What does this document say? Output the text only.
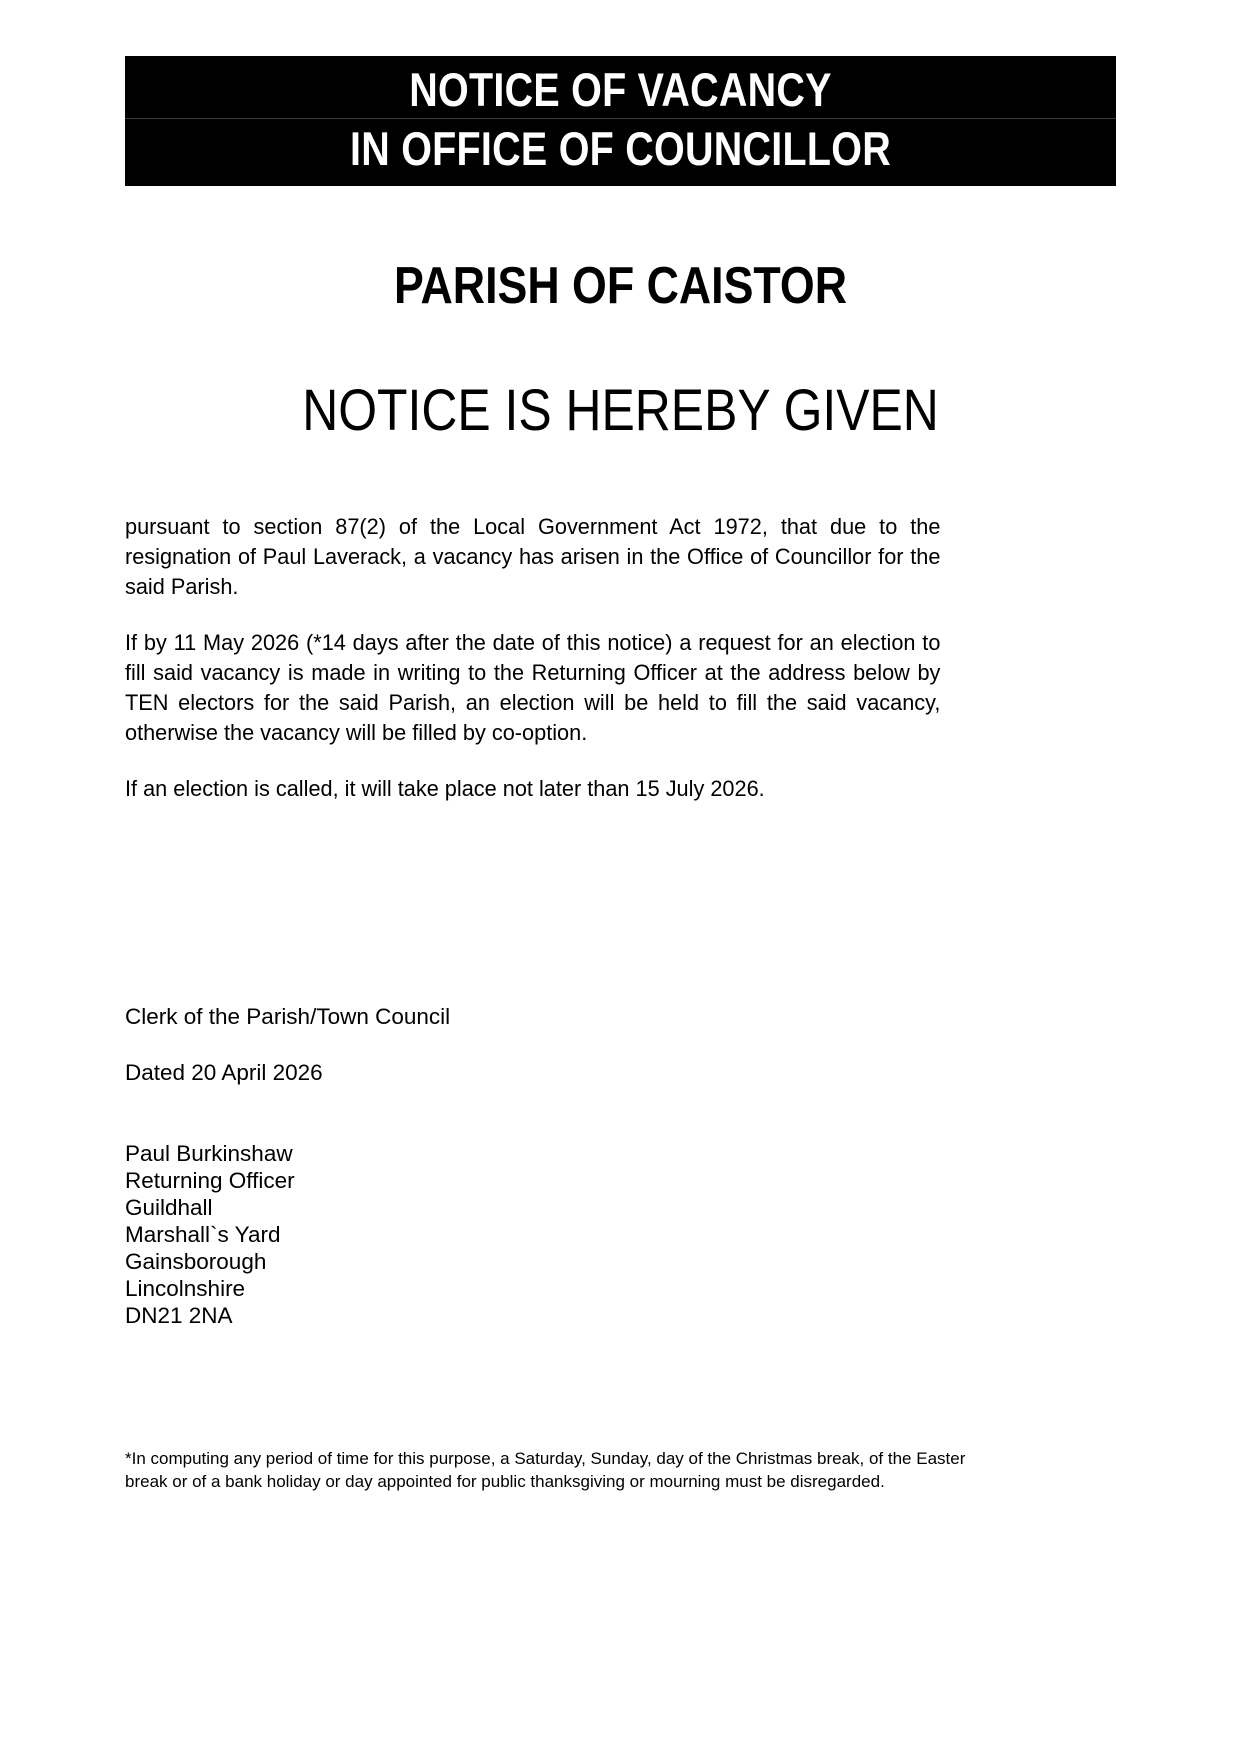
NOTICE OF VACANCY
IN OFFICE OF COUNCILLOR
PARISH OF CAISTOR
NOTICE IS HEREBY GIVEN

pursuant to section 87(2) of the Local Government Act 1972, that due to the resignation of Paul Laverack, a vacancy has arisen in the Office of Councillor for the said Parish.

If by 11 May 2026 (*14 days after the date of this notice) a request for an election to fill said vacancy is made in writing to the Returning Officer at the address below by TEN electors for the said Parish, an election will be held to fill the said vacancy, otherwise the vacancy will be filled by co-option.

If an election is called, it will take place not later than 15 July 2026.

Clerk of the Parish/Town Council

Dated 20 April 2026

Paul Burkinshaw

Returning Officer

Guildhall

Marshall`s Yard

Gainsborough

Lincolnshire

DN21 2NA

*In computing any period of time for this purpose, a Saturday, Sunday, day of the Christmas break, of the Easter break or of a bank holiday or day appointed for public thanksgiving or mourning must be disregarded.
